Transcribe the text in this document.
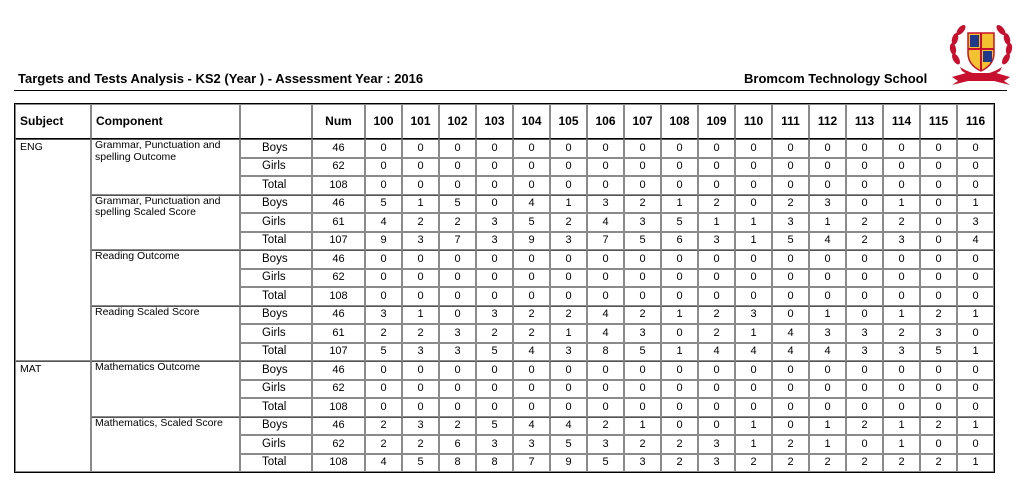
Targets and Tests Analysis - KS2 (Year ) - Assessment Year : 2016	Bromcom Technology School
Subject	Component		Num	100	101	102	103	104	105	106	107	108	109	110	111	112	113	114	115	116
ENG	Grammar, Punctuation and spelling Outcome	Boys	46	0	0	0	0	0	0	0	0	0	0	0	0	0	0	0	0	0
		Girls	62	0	0	0	0	0	0	0	0	0	0	0	0	0	0	0	0	0
		Total	108	0	0	0	0	0	0	0	0	0	0	0	0	0	0	0	0	0
	Grammar, Punctuation and spelling Scaled Score	Boys	46	5	1	5	0	4	1	3	2	1	2	0	2	3	0	1	0	1
		Girls	61	4	2	2	3	5	2	4	3	5	1	1	3	1	2	2	0	3
		Total	107	9	3	7	3	9	3	7	5	6	3	1	5	4	2	3	0	4
	Reading Outcome	Boys	46	0	0	0	0	0	0	0	0	0	0	0	0	0	0	0	0	0
		Girls	62	0	0	0	0	0	0	0	0	0	0	0	0	0	0	0	0	0
		Total	108	0	0	0	0	0	0	0	0	0	0	0	0	0	0	0	0	0
	Reading Scaled Score	Boys	46	3	1	0	3	2	2	4	2	1	2	3	0	1	0	1	2	1
		Girls	61	2	2	3	2	2	1	4	3	0	2	1	4	3	3	2	3	0
		Total	107	5	3	3	5	4	3	8	5	1	4	4	4	4	3	3	5	1
MAT	Mathematics Outcome	Boys	46	0	0	0	0	0	0	0	0	0	0	0	0	0	0	0	0	0
		Girls	62	0	0	0	0	0	0	0	0	0	0	0	0	0	0	0	0	0
		Total	108	0	0	0	0	0	0	0	0	0	0	0	0	0	0	0	0	0
	Mathematics, Scaled Score	Boys	46	2	3	2	5	4	4	2	1	0	0	1	0	1	2	1	2	1
		Girls	62	2	2	6	3	3	5	3	2	2	3	1	2	1	0	1	0	0
		Total	108	4	5	8	8	7	9	5	3	2	3	2	2	2	2	2	2	1
